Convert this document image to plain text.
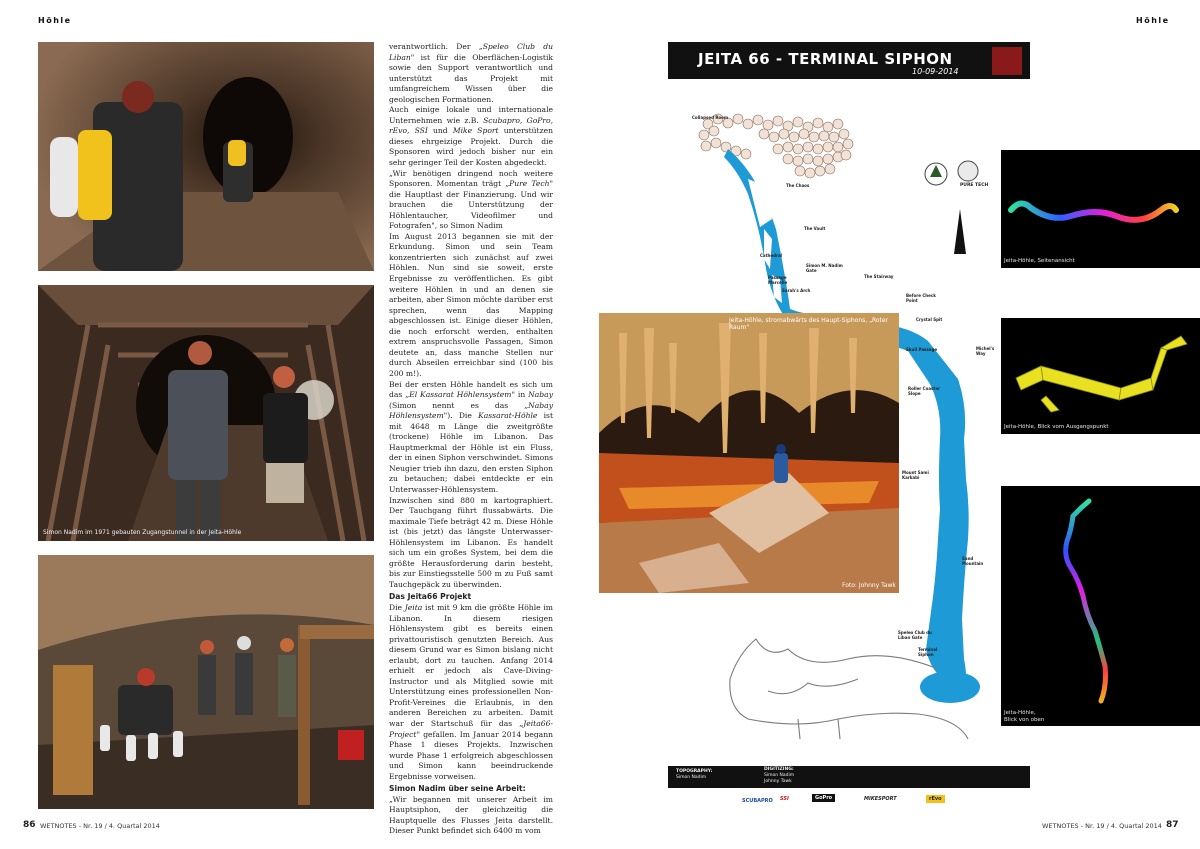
Höhle	Höhle
Simon Nadim im 1971 gebauten Zugangstunnel in der Jeita-Höhle

verantwortlich. Der „Speleo Club du Liban" ist für die Oberflächen-Logistik sowie den Support verantwortlich und unterstützt das Projekt mit umfangreichem Wissen über die geologischen Formationen.

Auch einige lokale und internationale Unternehmen wie z.B. Scubapro, GoPro, rEvo, SSI und Mike Sport unterstützen dieses ehrgeizige Projekt. Durch die Sponsoren wird jedoch bisher nur ein sehr geringer Teil der Kosten abgedeckt.

„Wir benötigen dringend noch weitere Sponsoren. Momentan trägt „Pure Tech" die Hauptlast der Finanzierung. Und wir brauchen die Unterstützung der Höhlentaucher, Videofilmer und Fotografen", so Simon Nadim

Im August 2013 begannen sie mit der Erkundung. Simon und sein Team konzentrierten sich zunächst auf zwei Höhlen. Nun sind sie soweit, erste Ergebnisse zu veröffentlichen. Es gibt weitere Höhlen in und an denen sie arbeiten, aber Simon möchte darüber erst sprechen, wenn das Mapping abgeschlossen ist. Einige dieser Höhlen, die noch erforscht werden, enthalten extrem anspruchsvolle Passagen, Simon deutete an, dass manche Stellen nur durch Abseilen erreichbar sind (100 bis 200 m!).

Bei der ersten Höhle handelt es sich um das „El Kassarat Höhlensystem" in Nabay (Simon nennt es das „Nabay Höhlensystem"). Die Kassarat-Höhle ist mit 4648 m Länge die zweitgrößte (trockene) Höhle im Libanon. Das Hauptmerkmal der Höhle ist ein Fluss, der in einen Siphon verschwindet. Simons Neugier trieb ihn dazu, den ersten Siphon zu betauchen; dabei entdeckte er ein Unterwasser-Höhlensystem.

Inzwischen sind 880 m kartographiert. Der Tauchgang führt flussabwärts. Die maximale Tiefe beträgt 42 m. Diese Höhle ist (bis jetzt) das längste Unterwasser-Höhlensystem im Libanon. Es handelt sich um ein großes System, bei dem die größte Herausforderung darin besteht, bis zur Einstiegsstelle 500 m zu Fuß samt Tauchgepäck zu überwinden.

Das Jeita66 Projekt

Die Jeita ist mit 9 km die größte Höhle im Libanon. In diesem riesigen Höhlensystem gibt es bereits einen privattouristisch genutzten Bereich. Aus diesem Grund war es Simon bislang nicht erlaubt, dort zu tauchen. Anfang 2014 erhielt er jedoch als Cave-Diving-Instructor und als Mitglied sowie mit Unterstützung eines professionellen Non-Profit-Vereines die Erlaubnis, in den anderen Bereichen zu arbeiten. Damit war der Startschuß für das „Jeita66-Project" gefallen. Im Januar 2014 begann Phase 1 dieses Projekts. Inzwischen wurde Phase 1 erfolgreich abgeschlossen und Simon kann beeindruckende Ergebnisse vorweisen.

Simon Nadim über seine Arbeit:

„Wir begannen mit unserer Arbeit im Hauptsiphon, der gleichzeitig die Hauptquelle des Flusses Jeita darstellt. Dieser Punkt befindet sich 6400 m vom

JEITA 66 - TERMINAL SIPHON
10-09-2014
PURE TECH
Collapsed Room
The Chaos
The Vault
Cathedral
Simon M. Nadim Gate
Passage Marcelle
Sarah's Arch
The Stairway
Before Check Point
Crystal Spit
Skull Passage	Michel's Way
Roller Coaster Slope
Mount Sami Karkabi
Sand Mountain
Speleo Club du Liban Gate
Terminal Siphon
TOPOGRAPHY:
Simon Nadim
DIGITIZING:
Simon Nadim
Johnny Tawk
SCUBAPRO SSI	GoPro	MIKESPORT	rEvo
Jeita-Höhle, stromabwärts des Haupt-Siphons, „Roter Raum"
Foto: Johnny Tawk
Jeita-Höhle, Seitenansicht
Jeita-Höhle, Blick vom Ausgangspunkt
Jeita-Höhle,
Blick von oben
86 WETNOTES - Nr. 19 / 4. Quartal 2014	WETNOTES - Nr. 19 / 4. Quartal 2014 87
